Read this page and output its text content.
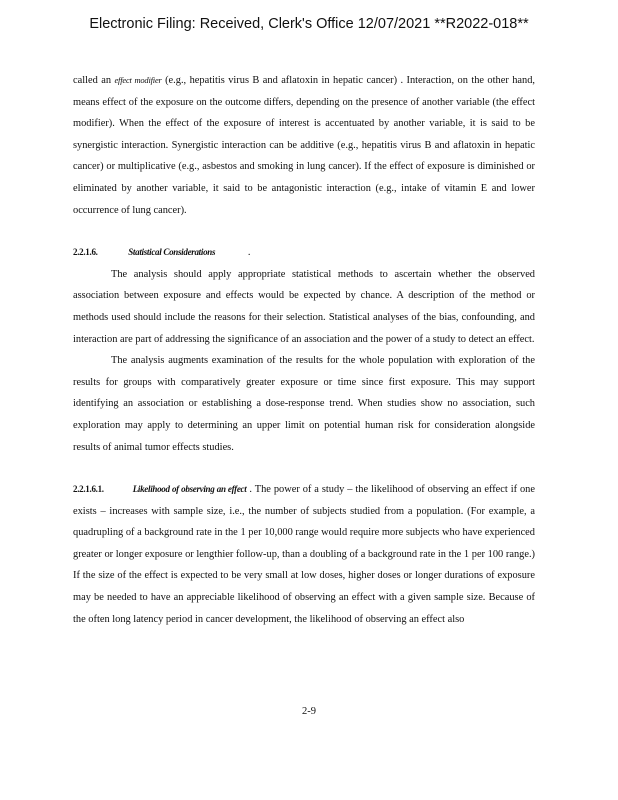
Electronic Filing: Received, Clerk's Office 12/07/2021 **R2022-018**

called an effect modifier (e.g., hepatitis virus B and aflatoxin in hepatic cancer) . Interaction, on the other hand, means effect of the exposure on the outcome differs, depending on the presence of another variable (the effect modifier). When the effect of the exposure of interest is accentuated by another variable, it is said to be synergistic interaction. Synergistic interaction can be additive (e.g., hepatitis virus B and aflatoxin in hepatic cancer) or multiplicative (e.g., asbestos and smoking in lung cancer). If the effect of exposure is diminished or eliminated by another variable, it said to be antagonistic interaction (e.g., intake of vitamin E and lower occurrence of lung cancer).

2.2.1.6.	Statistical Considerations	.

The analysis should apply appropriate statistical methods to ascertain whether the observed association between exposure and effects would be expected by chance. A description of the method or methods used should include the reasons for their selection. Statistical analyses of the bias, confounding, and interaction are part of addressing the significance of an association and the power of a study to detect an effect.

The analysis augments examination of the results for the whole population with exploration of the results for groups with comparatively greater exposure or time since first exposure. This may support identifying an association or establishing a dose-response trend. When studies show no association, such exploration may apply to determining an upper limit on potential human risk for consideration alongside results of animal tumor effects studies.

2.2.1.6.1.	Likelihood of observing an effect . The power of a study – the likelihood of observing an effect if one exists – increases with sample size, i.e., the number of subjects studied from a population. (For example, a quadrupling of a background rate in the 1 per 10,000 range would require more subjects who have experienced greater or longer exposure or lengthier follow-up, than a doubling of a background rate in the 1 per 100 range.) If the size of the effect is expected to be very small at low doses, higher doses or longer durations of exposure may be needed to have an appreciable likelihood of observing an effect with a given sample size. Because of the often long latency period in cancer development, the likelihood of observing an effect also

2-9
